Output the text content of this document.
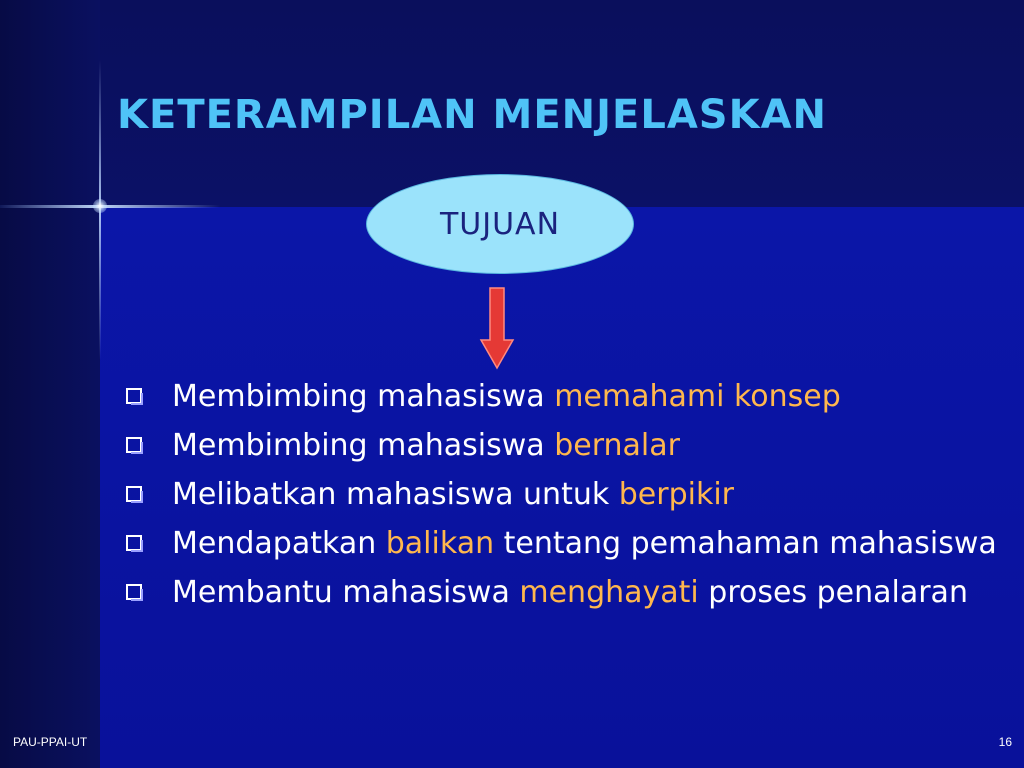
KETERAMPILAN MENJELASKAN
TUJUAN
Membimbing mahasiswa memahami konsep
Membimbing mahasiswa bernalar
Melibatkan mahasiswa untuk berpikir
Mendapatkan balikan tentang pemahaman mahasiswa
Membantu mahasiswa menghayati proses penalaran
PAU-PPAI-UT	16
